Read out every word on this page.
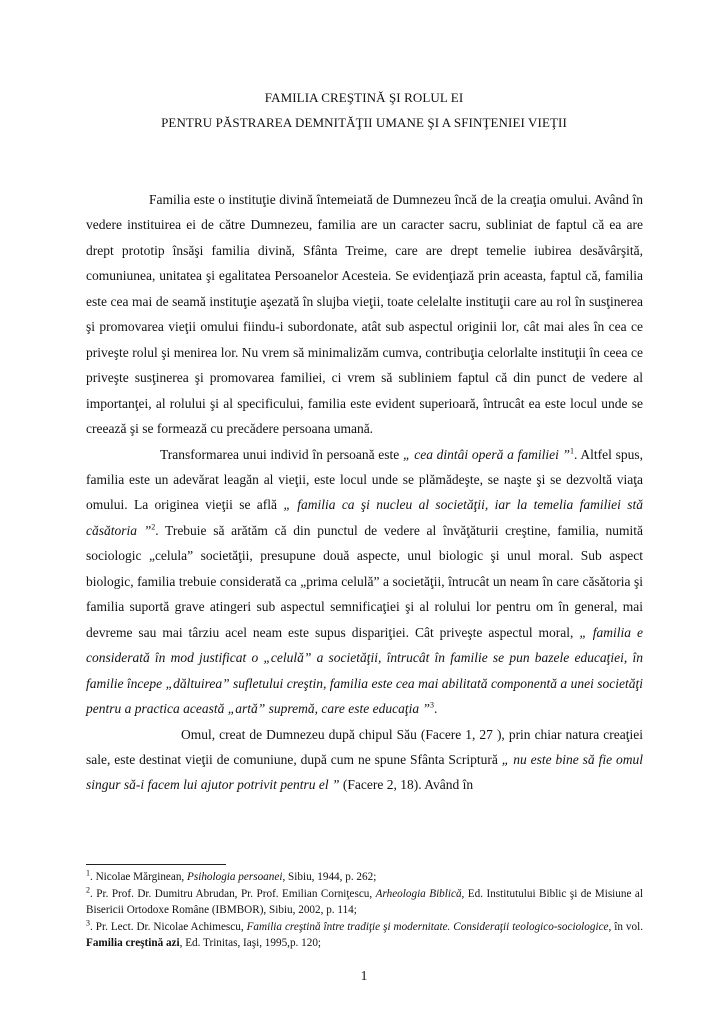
FAMILIA CREŞTINĂ ŞI ROLUL EI
PENTRU PĂSTRAREA DEMNITĂŢII UMANE ŞI A SFINŢENIEI VIEŢII

Familia este o instituţie divină întemeiată de Dumnezeu încă de la creaţia omului. Având în vedere instituirea ei de către Dumnezeu, familia are un caracter sacru, subliniat de faptul că ea are drept prototip însăşi familia divină, Sfânta Treime, care are drept temelie iubirea desăvârşită, comuniunea, unitatea şi egalitatea Persoanelor Acesteia. Se evidenţiază prin aceasta, faptul că, familia este cea mai de seamă instituţie aşezată în slujba vieţii, toate celelalte instituţii care au rol în susţinerea şi promovarea vieţii omului fiindu-i subordonate, atât sub aspectul originii lor, cât mai ales în cea ce priveşte rolul şi menirea lor. Nu vrem să minimalizăm cumva, contribuţia celorlalte instituţii în ceea ce priveşte susţinerea şi promovarea familiei, ci vrem să subliniem faptul că din punct de vedere al importanţei, al rolului şi al specificului, familia este evident superioară, întrucât ea este locul unde se creează şi se formează cu precădere persoana umană.

Transformarea unui individ în persoană este „ cea dintâi operă a familiei ”$^1$. Altfel spus, familia este un adevărat leagăn al vieţii, este locul unde se plămădeşte, se naşte şi se dezvoltă viaţa omului. La originea vieţii se află „ familia ca şi nucleu al societăţii, iar la temelia familiei stă căsătoria ”$^2$. Trebuie să arătăm că din punctul de vedere al învăţăturii creştine, familia, numită sociologic „celula” societăţii, presupune două aspecte, unul biologic şi unul moral. Sub aspect biologic, familia trebuie considerată ca „prima celulă” a societăţii, întrucât un neam în care căsătoria şi familia suportă grave atingeri sub aspectul semnificaţiei şi al rolului lor pentru om în general, mai devreme sau mai târziu acel neam este supus dispariţiei. Cât priveşte aspectul moral, „ familia e considerată în mod justificat o „celulă” a societăţii, întrucât în familie se pun bazele educaţiei, în familie începe „dăltuirea” sufletului creştin, familia este cea mai abilitată componentă a unei societăţi pentru a practica această „artă” supremă, care este educaţia ”$^3$.

Omul, creat de Dumnezeu după chipul Său (Facere 1, 27 ), prin chiar natura creaţiei sale, este destinat vieţii de comuniune, după cum ne spune Sfânta Scriptură „ nu este bine să fie omul singur să-i facem lui ajutor potrivit pentru el ” (Facere 2, 18). Având în

$^1$. Nicolae Mărginean, Psihologia persoanei, Sibiu, 1944, p. 262;

$^2$. Pr. Prof. Dr. Dumitru Abrudan, Pr. Prof. Emilian Corniţescu, Arheologia Biblică, Ed. Institutului Biblic şi de Misiune al Bisericii Ortodoxe Române (IBMBOR), Sibiu, 2002, p. 114;

$^3$. Pr. Lect. Dr. Nicolae Achimescu, Familia creştină între tradiţie şi modernitate. Consideraţii teologico-sociologice, în vol. Familia creştină azi, Ed. Trinitas, Iaşi, 1995,p. 120;

1
